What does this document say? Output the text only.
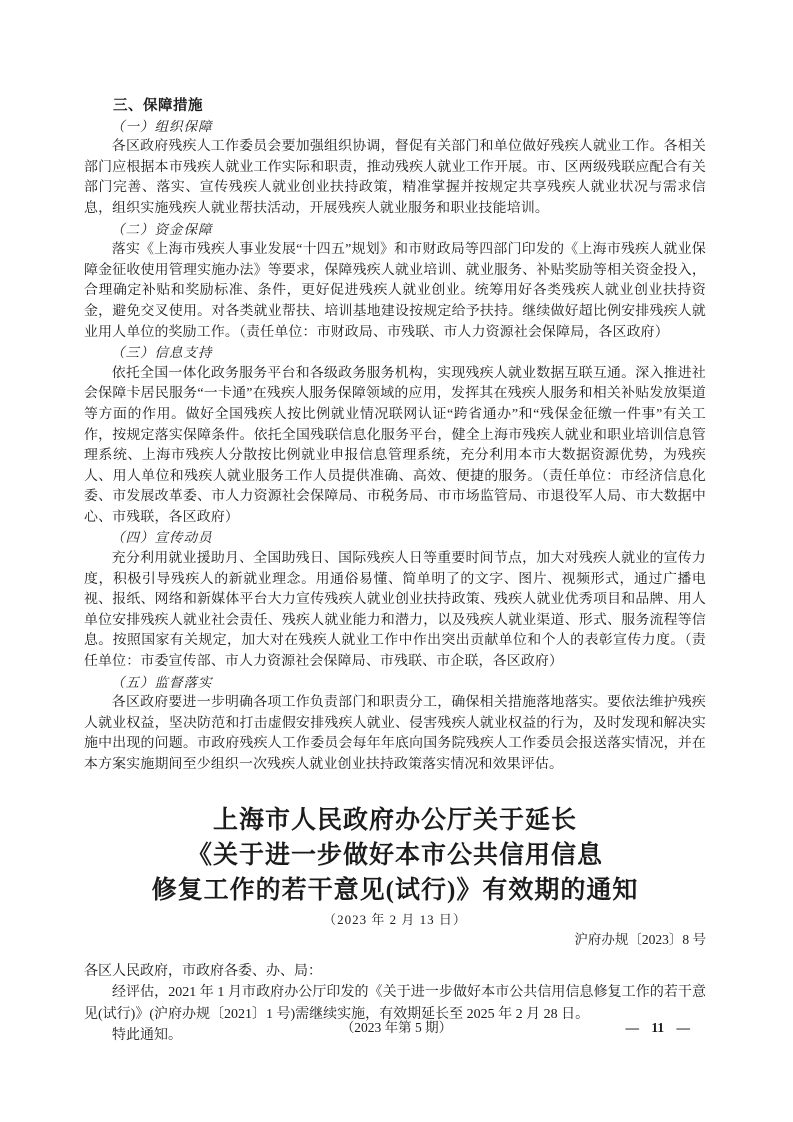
三、保障措施
（一）组织保障

各区政府残疾人工作委员会要加强组织协调，督促有关部门和单位做好残疾人就业工作。各相关部门应根据本市残疾人就业工作实际和职责，推动残疾人就业工作开展。市、区两级残联应配合有关部门完善、落实、宣传残疾人就业创业扶持政策，精准掌握并按规定共享残疾人就业状况与需求信息，组织实施残疾人就业帮扶活动，开展残疾人就业服务和职业技能培训。

（二）资金保障

落实《上海市残疾人事业发展“十四五”规划》和市财政局等四部门印发的《上海市残疾人就业保障金征收使用管理实施办法》等要求，保障残疾人就业培训、就业服务、补贴奖励等相关资金投入，合理确定补贴和奖励标准、条件，更好促进残疾人就业创业。统筹用好各类残疾人就业创业扶持资金，避免交叉使用。对各类就业帮扶、培训基地建设按规定给予扶持。继续做好超比例安排残疾人就业用人单位的奖励工作。（责任单位：市财政局、市残联、市人力资源社会保障局，各区政府）

（三）信息支持

依托全国一体化政务服务平台和各级政务服务机构，实现残疾人就业数据互联互通。深入推进社会保障卡居民服务“一卡通”在残疾人服务保障领域的应用，发挥其在残疾人服务和相关补贴发放渠道等方面的作用。做好全国残疾人按比例就业情况联网认证“跨省通办”和“残保金征缴一件事”有关工作，按规定落实保障条件。依托全国残联信息化服务平台，健全上海市残疾人就业和职业培训信息管理系统、上海市残疾人分散按比例就业申报信息管理系统，充分利用本市大数据资源优势，为残疾人、用人单位和残疾人就业服务工作人员提供准确、高效、便捷的服务。（责任单位：市经济信息化委、市发展改革委、市人力资源社会保障局、市税务局、市市场监管局、市退役军人局、市大数据中心、市残联，各区政府）

（四）宣传动员

充分利用就业援助月、全国助残日、国际残疾人日等重要时间节点，加大对残疾人就业的宣传力度，积极引导残疾人的新就业理念。用通俗易懂、简单明了的文字、图片、视频形式，通过广播电视、报纸、网络和新媒体平台大力宣传残疾人就业创业扶持政策、残疾人就业优秀项目和品牌、用人单位安排残疾人就业社会责任、残疾人就业能力和潜力，以及残疾人就业渠道、形式、服务流程等信息。按照国家有关规定，加大对在残疾人就业工作中作出突出贡献单位和个人的表彰宣传力度。（责任单位：市委宣传部、市人力资源社会保障局、市残联、市企联，各区政府）

（五）监督落实

各区政府要进一步明确各项工作负责部门和职责分工，确保相关措施落地落实。要依法维护残疾人就业权益，坚决防范和打击虚假安排残疾人就业、侵害残疾人就业权益的行为，及时发现和解决实施中出现的问题。市政府残疾人工作委员会每年年底向国务院残疾人工作委员会报送落实情况，并在本方案实施期间至少组织一次残疾人就业创业扶持政策落实情况和效果评估。

上海市人民政府办公厅关于延长
《关于进一步做好本市公共信用信息
修复工作的若干意见(试行)》有效期的通知
（2023 年 2 月 13 日）
沪府办规〔2023〕8 号
各区人民政府，市政府各委、办、局：

经评估，2021 年 1 月市政府办公厅印发的《关于进一步做好本市公共信用信息修复工作的若干意见(试行)》(沪府办规〔2021〕1 号)需继续实施，有效期延长至 2025 年 2 月 28 日。

特此通知。
（2023 年第 5 期）	— 11 —
